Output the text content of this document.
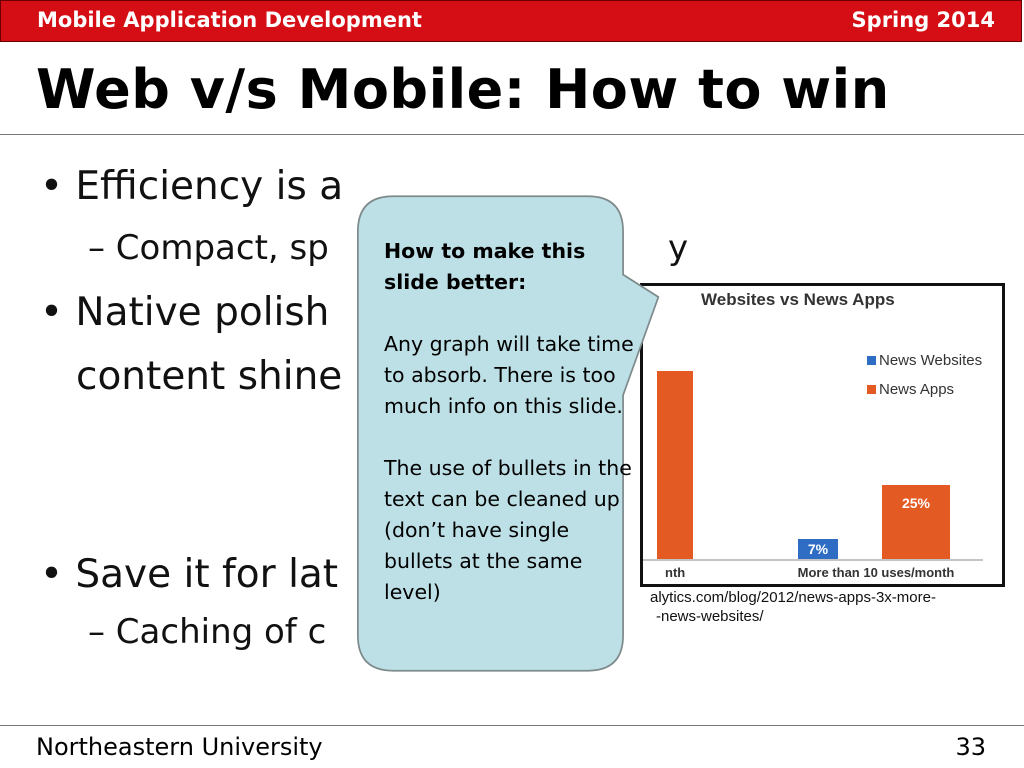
Mobile Application Development	Spring 2014
Web v/s Mobile: How to win
• Efficiency is a
– Compact, sp
• Native polish
content shine
• Save it for lat
– Caching of c
y
Websites vs News Apps
News Websites
News Apps
7%
25%
nth	More than 10 uses/month
alytics.com/blog/2012/news-apps-3x-more-
-news-websites/
How to make this slide better:
Any graph will take time to absorb. There is too much info on this slide.

The use of bullets in the text can be cleaned up (don’t have single bullets at the same level)
Northeastern University	33
